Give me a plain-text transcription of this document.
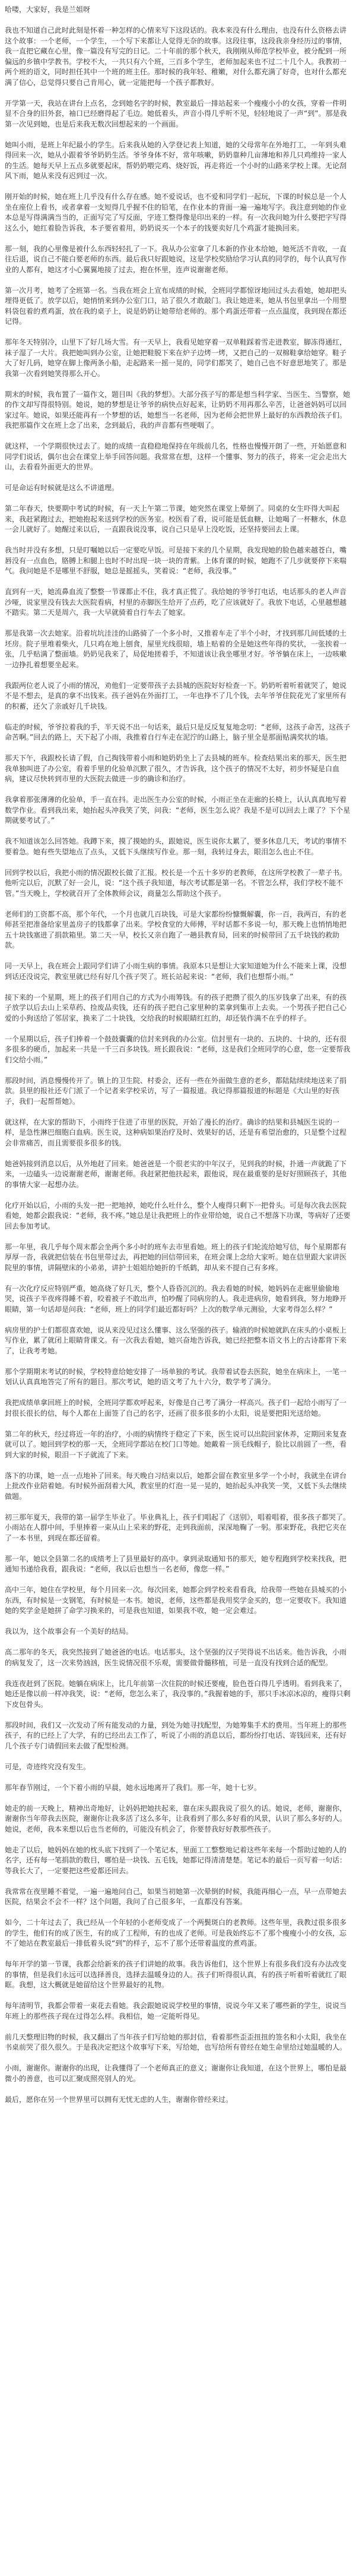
哈喽，大家好，我是兰姐呀

我也不知道自己此时此刻是怀着一种怎样的心情来写下这段话的。我本来没有什么理由，也没有什么资格去讲这个故事：一个老师，一个学生，一个写下来都让人觉得无奈的故事。这段往事，这段我亲身经历过的事情，我一直把它藏在心里，像一篇没有写完的日记。二十年前的那个秋天，我刚刚从师范学校毕业，被分配到一所偏远的乡镇中学教书。学校不大，一共只有六个班，三百多个学生，老师加起来也不过二十几个人。我教初一两个班的语文，同时担任其中一个班的班主任。那时候的我年轻、稚嫩，对什么都充满了好奇，也对什么都充满了信心，总觉得只要自己肯用心，就一定能把每一个孩子都教好。

开学第一天，我站在讲台上点名，念到她名字的时候，教室最后一排站起来一个瘦瘦小小的女孩，穿着一件明显不合身的旧外套，袖口已经磨得起了毛边。她低着头，声音小得几乎听不见，轻轻地说了一声“到”。那是我第一次见到她，也是后来我无数次回想起来的一个画面。

她叫小雨，是班上年纪最小的学生。后来我从她的入学登记表上知道，她的父母常年在外地打工，一年到头难得回来一次，她从小跟着爷爷奶奶生活。爷爷身体不好，常年咳嗽，奶奶靠种几亩薄地和养几只鸡维持一家人的生活。她每天早上五点多就要起床，帮奶奶喂完鸡、烧好饭，再走将近一个小时的山路来学校上课。无论刮风下雨，她从来没有迟到过一次。

刚开始的时候，她在班上几乎没有什么存在感。她不爱说话，也不爱和同学们一起玩，下课的时候总是一个人坐在座位上看书，或者拿着一支短得几乎握不住的铅笔，在作业本的背面一遍一遍地写字。我注意到她的作业本总是写得满满当当的，正面写完了写反面，字迹工整得像是印出来的一样。有一次我问她为什么要把字写得这么小，她红着脸告诉我，本子要省着用，奶奶说买一个本子的钱要卖好几个鸡蛋才能换回来。

那一刻，我的心里像是被什么东西轻轻扎了一下。我从办公室拿了几本新的作业本给她，她死活不肯收，一直往后退，说自己不能白要老师的东西。最后我只好跟她说，这是学校奖励给学习认真的同学的，每个认真写作业的人都有，她这才小心翼翼地接了过去，抱在怀里，连声说谢谢老师。

第一次月考，她考了全班第一名。当我在班会上宣布成绩的时候，全班同学都惊讶地回过头去看她，她却把头埋得更低了。放学以后，她悄悄来到办公室门口，站了很久才敢敲门。我让她进来，她从书包里拿出一个用塑料袋包着的煮鸡蛋，放在我的桌子上，说是奶奶让她带给老师的。那个鸡蛋还带着一点点温度，我到现在都还记得。

那年冬天特别冷，山里下了好几场大雪。有一天早上，我看见她穿着一双单鞋踩着雪走进教室，脚冻得通红，袜子湿了一大片。我把她叫到办公室，让她把鞋脱下来在炉子边烤一烤，又把自己的一双棉鞋拿给她穿。鞋子大了好几码，她穿在脚上像两条小船，走起路来一摇一晃的，同学们都笑了，她自己也不好意思地笑了。那是我第一次看到她笑得那么开心。

期末的时候，我布置了一篇作文，题目叫《我的梦想》。大部分孩子写的都是想当科学家、当医生、当警察，她的作文却写得很特别。她说，她的梦想是让爷爷的病快点好起来，让奶奶不用再那么辛苦，让爸爸妈妈可以回家过年。她说，如果还能再有一个梦想的话，她想当一名老师，因为老师会把世界上最好的东西教给孩子们。我把那篇作文在班上念了出来，念到最后，我的声音都有些哽咽了。

就这样，一个学期很快过去了。她的成绩一直稳稳地保持在年级前几名，性格也慢慢开朗了一些，开始愿意和同学们说话，偶尔也会在课堂上举手回答问题。我常常在想，这样一个懂事、努力的孩子，将来一定会走出大山，去看看外面更大的世界。

可是命运有时候就是这么不讲道理。

第二年春天，快要期中考试的时候，有一天上午第二节课，她突然在课堂上晕倒了。同桌的女生吓得大叫起来，我赶紧跑过去，把她抱起来送到学校的医务室。校医看了看，说可能是低血糖，让她喝了一杯糖水，休息一会儿就好了。她醒过来以后，一直跟我说没事，说自己只是早上没吃饭，还坚持要回去上课。

我当时并没有多想，只是叮嘱她以后一定要吃早饭。可是接下来的几个星期，我发现她的脸色越来越苍白，嘴唇没有一点血色，胳膊上和腿上也时不时出现一块一块的青紫。上体育课的时候，她跑不了几步就要停下来喘气。我问她是不是哪里不舒服，她总是摇摇头，笑着说：“老师，我没事。”

直到有一天，她流鼻血流了整整一节课都止不住，我才真正慌了。我给她的爷爷打电话，电话那头的老人声音沙哑，说家里没有钱去大医院看病，村里的赤脚医生给开了点药，吃了应该就好了。我放下电话，心里越想越不踏实。第二天是周六，我一大早就骑着自行车去了她家。

那是我第一次去她家。沿着坑坑洼洼的山路骑了一个多小时，又推着车走了半个小时，才找到那几间低矮的土坯房。院子里堆着柴火，几只鸡在地上刨食，屋里光线很暗，墙上贴着的全是她这些年得的奖状，一张挨着一张，几乎贴满了整面墙。奶奶见我来了，局促地搓着手，不知道该让我坐哪里才好。爷爷躺在床上，一边咳嗽一边挣扎着想要坐起来。

我跟两位老人说了小雨的情况，劝他们一定要带孩子去县城的医院好好检查一下。奶奶听着听着就哭了，她说不是不想去，是真的拿不出钱来。孩子爸妈在外面打工，一年也挣不了几个钱，去年爷爷住院花光了家里所有的积蓄，还欠了亲戚好几千块钱。

临走的时候，爷爷拉着我的手，半天说不出一句话来，最后只是反反复复地念叨：“老师，这孩子命苦，这孩子命苦啊。”回去的路上，天下起了小雨，我推着自行车走在泥泞的山路上，脑子里全是那面贴满奖状的墙。

那天下午，我跟校长请了假，自己掏钱带着小雨和她奶奶坐上了去县城的班车。检查结果出来的那天，医生把我单独叫进了办公室，看着手里的化验单沉默了很久，才告诉我，这个孩子的情况不太好，初步怀疑是白血病，建议尽快转到市里的大医院去做进一步的确诊和治疗。

我拿着那张薄薄的化验单，手一直在抖。走出医生办公室的时候，小雨正坐在走廊的长椅上，认认真真地写着数学作业。看到我出来，她抬起头冲我笑了笑，问我：“老师，医生怎么说？我是不是可以回去上课了？下个星期就要考试了。”

我不知道该怎么回答她。我蹲下来，摸了摸她的头，跟她说，医生说你太累了，要多休息几天，考试的事情不要着急。她有些失望地点了点头，又低下头继续写作业。那一刻，我转过身去，眼泪怎么也止不住。

回到学校以后，我把小雨的情况跟校长做了汇报。校长是一个五十多岁的老教师，在这所学校教了一辈子书。他听完以后，沉默了好一会儿，说：“这个孩子我知道，每次考试都是第一名。不管怎么样，我们学校不能不管。”当天晚上，学校就召开了全体教师会议，商量怎么帮助这个孩子。

老师们的工资都不高，那个年代，一个月也就几百块钱，可是大家都纷纷慷慨解囊，你一百，我两百，有的老师甚至把准备给家里盖房子的钱都拿了出来。学校食堂的大师傅，平时话都不多说一句，那天晚上也悄悄地把五十块钱塞进了捐款箱里。第二天一早，校长又亲自跑了一趟县教育局，回来的时候带回了五千块钱的救助款。

同一天早上，我在班会上跟同学们讲了小雨生病的事情。我原本只是想让大家知道她为什么不能来上课，没想到话还没说完，教室里就已经有好几个孩子哭了。班长站起来说：“老师，我们也想帮小雨。”

接下来的一个星期，班上的孩子们用自己的方式为小雨筹钱。有的孩子把攒了很久的压岁钱拿了出来，有的孩子放学以后去山上采草药、捡废品卖钱，还有的孩子把自己家里种的菜拿到集市上去卖。一个男孩子把自己心爱的小狗送给了邻居家，换来了二十块钱，交给我的时候眼睛红红的，却还装作满不在乎的样子。

一个星期以后，孩子们捧着一个鼓鼓囊囊的信封来到我的办公室。信封里有一块的、五块的、十块的，还有很多很多的硬币，加起来一共是一千三百多块钱。班长跟我说：“老师，这是我们全班同学的心意，您一定要帮我们交给小雨。”

那段时间，消息慢慢传开了。镇上的卫生院、村委会，还有一些在外面做生意的老乡，都陆陆续续地送来了捐款。县里的报社还专门派了一个记者来学校采访，写了一篇报道。我记得那篇报道的标题是《大山里的好孩子，我们一起帮帮她》。

就这样，在大家的帮助下，小雨终于住进了市里的医院，开始了漫长的治疗。确诊的结果和县城医生说的一样，是急性淋巴细胞白血病。医生说，这种病如果治疗及时、效果好的话，还是有希望治愈的，只是整个过程会非常痛苦，而且需要很多很多的钱。

她爸妈接到消息以后，从外地赶了回来。她爸爸是一个很老实的中年汉子，见到我的时候，扑通一声就跪了下来，一边磕头一边说谢谢老师，谢谢老师。我赶紧把他扶起来，跟他说，现在最重要的是好好照顾孩子，其他的事情大家一起想办法。

化疗开始以后，小雨的头发一把一把地掉，她吃什么吐什么，整个人瘦得只剩下一把骨头。可是每次我去医院看她，她都会跟我说：“老师，我不疼。”她总是让我把班上的作业带给她，说自己不想落下功课，等病好了还要回去参加考试。

那一年里，我几乎每个周末都会坐两个多小时的班车去市里看她。班上的孩子们轮流给她写信，每个星期都有厚厚一沓，我就把信装在书包里带过去，再把她的回信带回来，在班会课上念给大家听。她在信里跟大家讲医院里的事情，讲隔壁床的小弟弟，讲护士姐姐给她折的千纸鹤，却从来不提自己有多疼。

有一次化疗反应特别严重，她高烧了好几天，整个人昏昏沉沉的。我去看她的时候，她妈妈在走廊里偷偷地哭，说孩子半夜疼得睡不着，咬着被子不敢出声，怕吵醒了同病房的人。我走进病房，她看到我，努力地睁开眼睛，第一句话却是问我：“老师，班上的同学们最近都好吗？上次的数学单元测验，大家考得怎么样？”

病房里的护士们都很喜欢她，说从来没见过这么懂事、这么坚强的孩子。输液的时候她就趴在床头的小桌板上写作业，累了就闭上眼睛背课文。有一次我去看她，她兴奋地告诉我，她已经把整本语文书上的古诗都背下来了，让我考考她。

那个学期期末考试的时候，学校特意给她安排了一场单独的考试。我带着试卷去医院，她坐在病床上，一笔一划认认真真地答完了所有的题目。那次考试，她的语文考了九十六分，数学考了满分。

我把成绩单拿回班上的时候，全班同学都欢呼起来，好像是自己考了满分一样高兴。孩子们一起给小雨写了一封很长很长的信，每个人都在上面签了自己的名字，还画了很多很多的小太阳，说是要把阳光送给她。

第二年的秋天，经过将近一年的治疗，小雨的病情终于稳定了下来，医生说可以出院回家休养，定期回来复查就可以了。她回到学校的那一天，全班同学都站在校门口等她。她戴着一顶毛线帽子，脸比以前圆了一些，看到大家的时候，眼泪一下子就流了下来。

落下的功课，她一点一点地补了回来。每天晚自习结束以后，她都会留在教室里多学一个小时，我就坐在讲台上批改作业陪着她。有时候外面刮着大风，教室里的灯泡一晃一晃的，她抬起头冲我笑一笑，又低下头去继续做题。

初三那年夏天，我带的第一届学生毕业了。毕业典礼上，孩子们唱起了《送别》，唱着唱着，很多孩子都哭了。小雨站在人群中间，手里捧着一束从山上采来的野花，走到我面前，深深地鞠了一躬。那束野花，我把它夹在了一本书里，到现在都还留着。

那一年，她以全县第二名的成绩考上了县里最好的高中。拿到录取通知书的那天，她专程跑到学校来找我，把通知书递给我看，跟我说：“老师，我以后也想当一名老师，像您一样。”

高中三年，她住在学校里，每个月回来一次。每次回来，她都会到学校来看看我，给我带一些她在县城买的小东西，有时候是一支钢笔，有时候是一本书。她说，老师，这些都是我用奖学金买的，您一定要收下。我知道她的奖学金是她拼了命学习换来的，可是我也知道，如果我不收，她一定会难过。

我以为，这个故事会有一个美好的结局。

高二那年的冬天，我突然接到了她爸爸的电话。电话那头，这个坚强的汉子哭得说不出话来。他告诉我，小雨的病复发了，这一次来势汹汹，医生说情况很不乐观，需要做骨髓移植，可是一直没有找到合适的配型。

我连夜赶到了医院。她躺在病床上，比几年前第一次住院的时候还要瘦，脸色苍白得几乎透明。看到我来了，她还是像以前一样冲我笑，说：“老师，您怎么来了，我没事的。”我握着她的手，那只手冰凉冰凉的，瘦得只剩下皮包骨头。

那段时间，我们又一次发动了所有能发动的力量，到处为她寻找配型，为她筹集手术的费用。当年班上的那些孩子，有的已经上了大学，有的已经出去工作了，听说了小雨的消息以后，都纷纷打电话、寄钱回来，还有好几个孩子专门请假回来去做了配型检测。

可是，奇迹终究没有发生。

那年春节刚过，一个下着小雨的早晨，她永远地离开了我们。那一年，她十七岁。

她走的前一天晚上，精神出奇地好，让妈妈把她扶起来，靠在床头跟我说了很久的话。她说，老师，谢谢你，谢谢你当年带我去医院，谢谢你让我多活了这么多年，让我看到了那么多好看的风景，认识了那么多好的人。她说，老师，我本来想以后也当老师的，可能没有机会了，你要替我好好教那些孩子。

她走了以后，她妈妈在她的枕头底下找到了一个笔记本，里面工工整整地记着这些年来每一个帮助过她的人的名字，还有每一笔捐款的数目，哪怕是一块钱、五毛钱，她都记得清清楚楚。笔记本的最后一页写着一句话：等我长大了，一定要把这些爱都还回去。

我常常在夜里睡不着觉，一遍一遍地问自己，如果当初她第一次晕倒的时候，我能再细心一点，早一点带她去医院，结果会不会不一样？这个问题，我问了自己很多年，一直都没有答案。

如今，二十年过去了，我已经从一个年轻的小老师变成了一个两鬓斑白的老教师。这些年里，我教过很多很多的学生，他们有的成了医生，有的成了工程师，有的也成了老师。可是我始终忘不了那个瘦瘦小小的女孩，忘不了她站在教室最后一排低着头说“到”的样子，忘不了那个还带着温度的煮鸡蛋。

每年开学的第一节课，我都会给新来的孩子们讲她的故事。我告诉他们，这个世界上有很多我们没有办法改变的事情，但是我们永远可以选择善良，选择去温暖身边的人。孩子们听得很认真，有的孩子听着听着就红了眼眶。我想，这大概就是她留给这个世界最好的礼物。

每年清明节，我都会带着一束花去看她。我会跟她说说学校里的事情，说说今年又来了哪些新的学生，说说当年班上的那些孩子现在过得怎么样。我相信，她一定能听得见。

前几天整理旧物的时候，我又翻出了当年孩子们写给她的那封信，看着那些歪歪扭扭的签名和小太阳，我坐在书桌前哭了很久很久。于是我决定把这个故事写下来，写给她，也写给所有曾经在她生命里给过她温暖的人。

小雨，谢谢你。谢谢你的出现，让我懂得了一个老师真正的意义；谢谢你让我知道，在这个世界上，哪怕是最微小的善意，也可以汇聚成照亮别人的光。

最后，愿你在另一个世界里可以拥有无忧无虑的人生，谢谢你曾经来过。
